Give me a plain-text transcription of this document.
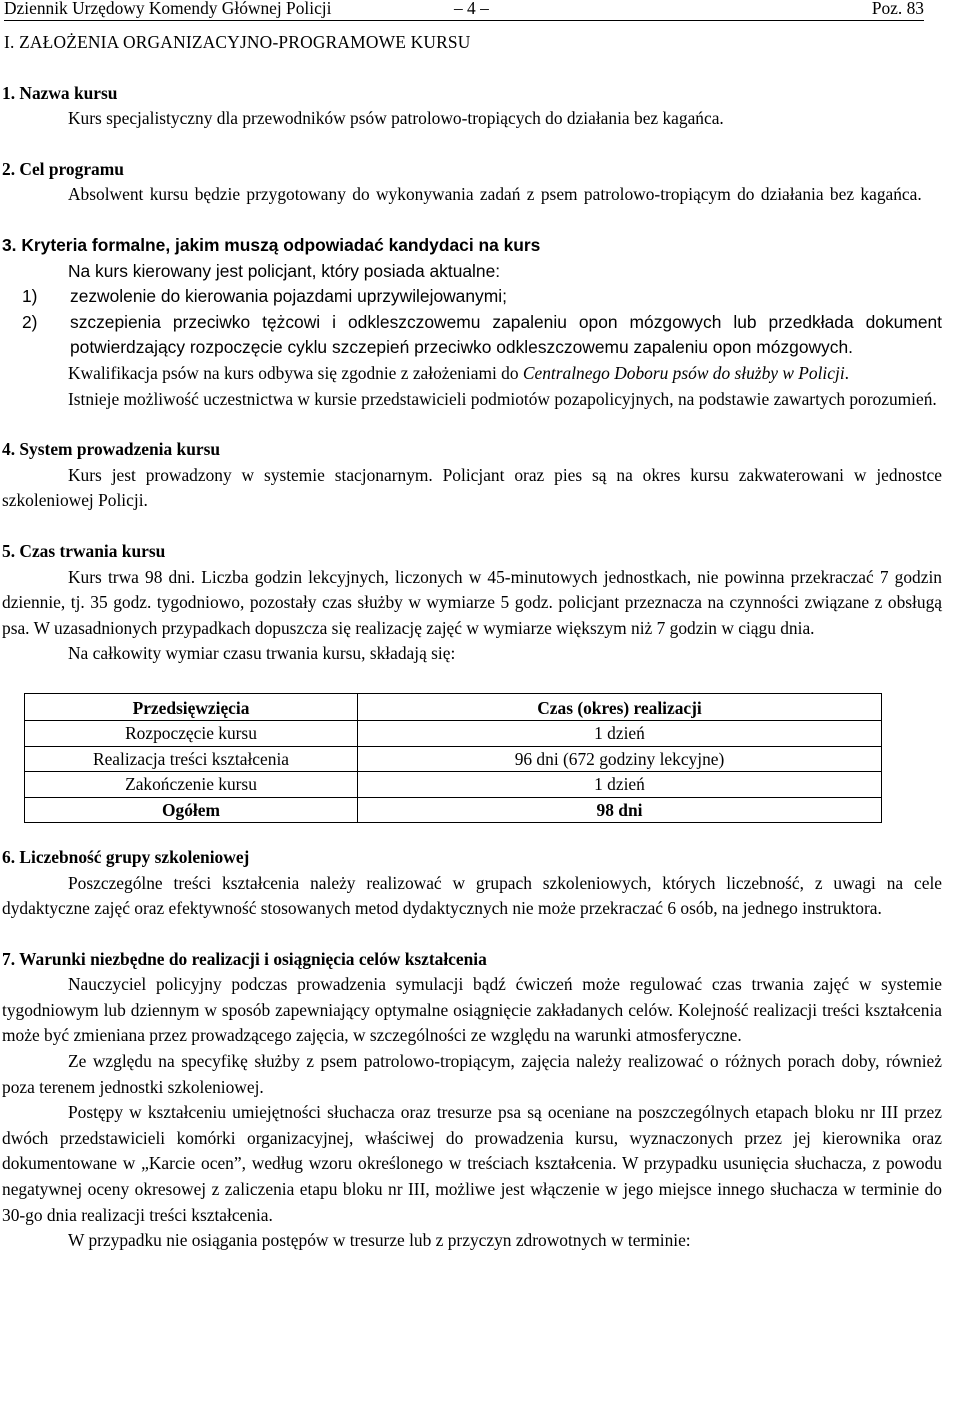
Dziennik Urzędowy Komendy Głównej Policji	– 4 –	Poz. 83
I. ZAŁOŻENIA ORGANIZACYJNO-PROGRAMOWE KURSU
1. Nazwa kursu

Kurs specjalistyczny dla przewodników psów patrolowo-tropiących do działania bez kagańca.

2. Cel programu

Absolwent kursu będzie przygotowany do wykonywania zadań z psem patrolowo-tropiącym do działania bez kagańca.

3. Kryteria formalne, jakim muszą odpowiadać kandydaci na kurs

Na kurs kierowany jest policjant, który posiada aktualne:

1) zezwolenie do kierowania pojazdami uprzywilejowanymi;
2) szczepienia przeciwko tężcowi i odkleszczowemu zapaleniu opon mózgowych lub przedkłada dokument potwierdzający rozpoczęcie cyklu szczepień przeciwko odkleszczowemu zapaleniu opon mózgowych.

Kwalifikacja psów na kurs odbywa się zgodnie z założeniami do Centralnego Doboru psów do służby w Policji.

Istnieje możliwość uczestnictwa w kursie przedstawicieli podmiotów pozapolicyjnych, na podstawie zawartych porozumień.

4. System prowadzenia kursu

Kurs jest prowadzony w systemie stacjonarnym. Policjant oraz pies są na okres kursu zakwaterowani w jednostce szkoleniowej Policji.

5. Czas trwania kursu

Kurs trwa 98 dni. Liczba godzin lekcyjnych, liczonych w 45-minutowych jednostkach, nie powinna przekraczać 7 godzin dziennie, tj. 35 godz. tygodniowo, pozostały czas służby w wymiarze 5 godz. policjant przeznacza na czynności związane z obsługą psa. W uzasadnionych przypadkach dopuszcza się realizację zajęć w wymiarze większym niż 7 godzin w ciągu dnia.

Na całkowity wymiar czasu trwania kursu, składają się:

Przedsięwzięcia	Czas (okres) realizacji
Rozpoczęcie kursu	1 dzień
Realizacja treści kształcenia	96 dni (672 godziny lekcyjne)
Zakończenie kursu	1 dzień
Ogółem	98 dni
6. Liczebność grupy szkoleniowej

Poszczególne treści kształcenia należy realizować w grupach szkoleniowych, których liczebność, z uwagi na cele dydaktyczne zajęć oraz efektywność stosowanych metod dydaktycznych nie może przekraczać 6 osób, na jednego instruktora.

7. Warunki niezbędne do realizacji i osiągnięcia celów kształcenia

Nauczyciel policyjny podczas prowadzenia symulacji bądź ćwiczeń może regulować czas trwania zajęć w systemie tygodniowym lub dziennym w sposób zapewniający optymalne osiągnięcie zakładanych celów. Kolejność realizacji treści kształcenia może być zmieniana przez prowadzącego zajęcia, w szczególności ze względu na warunki atmosferyczne.

Ze względu na specyfikę służby z psem patrolowo-tropiącym, zajęcia należy realizować o różnych porach doby, również poza terenem jednostki szkoleniowej.

Postępy w kształceniu umiejętności słuchacza oraz tresurze psa są oceniane na poszczególnych etapach bloku nr III przez dwóch przedstawicieli komórki organizacyjnej, właściwej do prowadzenia kursu, wyznaczonych przez jej kierownika oraz dokumentowane w „Karcie ocen”, według wzoru określonego w treściach kształcenia. W przypadku usunięcia słuchacza, z powodu negatywnej oceny okresowej z zaliczenia etapu bloku nr III, możliwe jest włączenie w jego miejsce innego słuchacza w terminie do 30-go dnia realizacji treści kształcenia.

W przypadku nie osiągania postępów w tresurze lub z przyczyn zdrowotnych w terminie:
